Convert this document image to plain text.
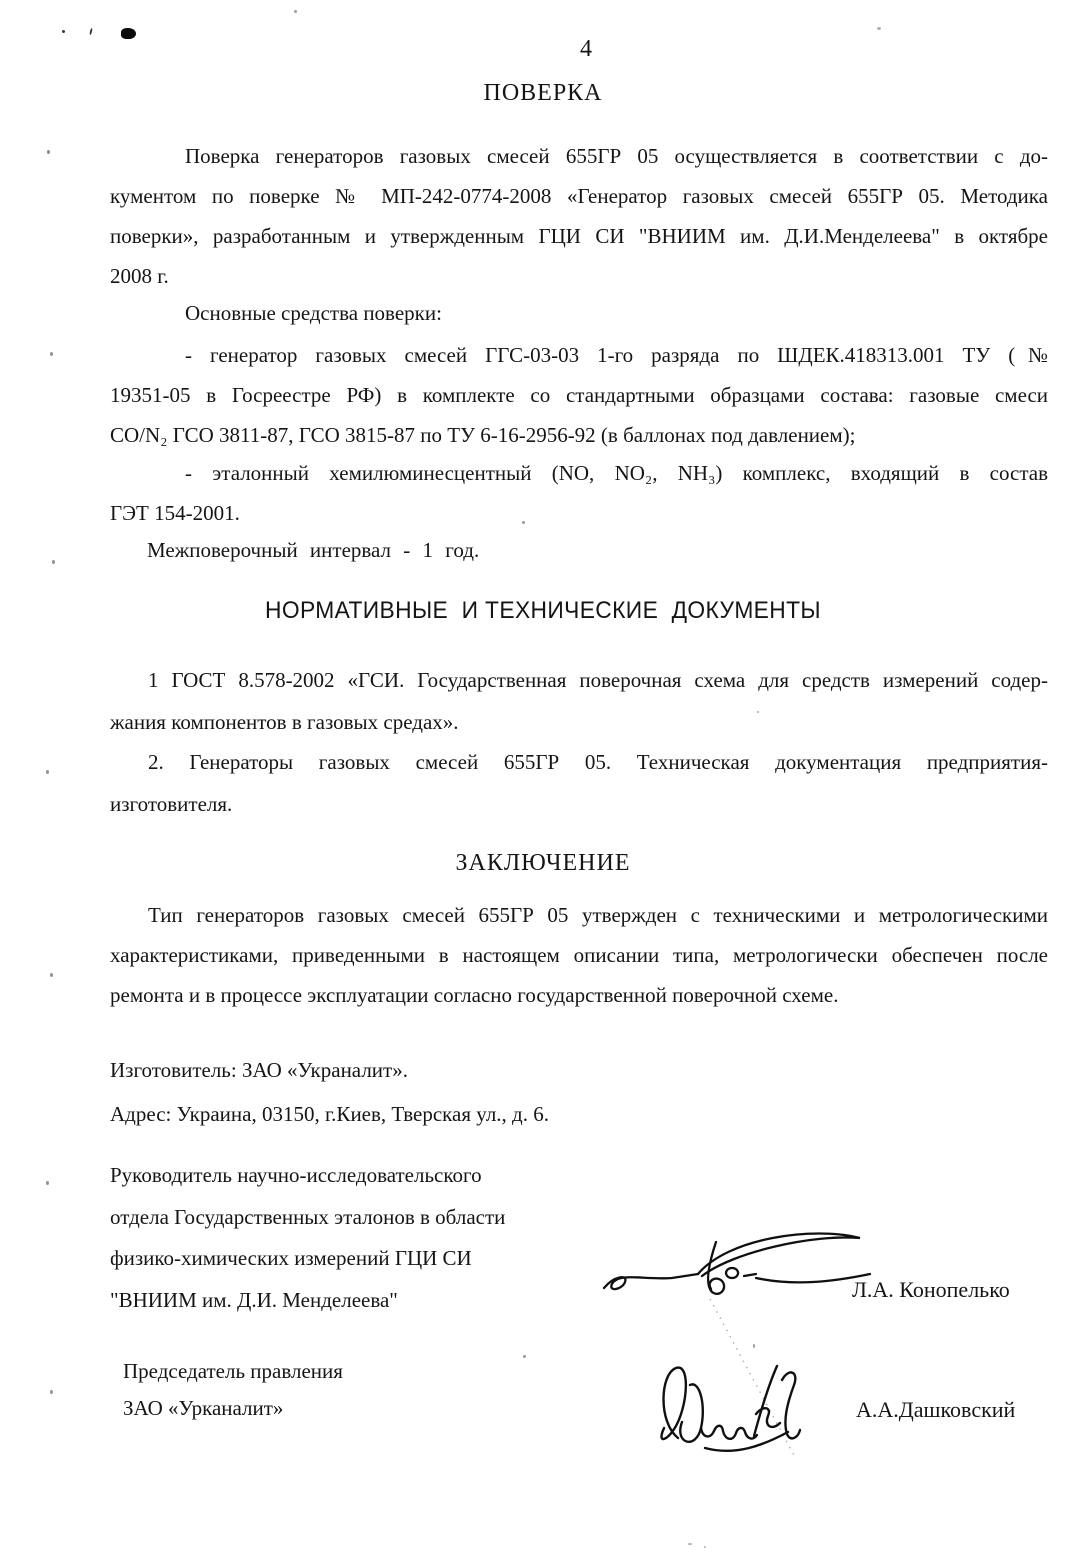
4
ПОВЕРКА
Поверка генераторов газовых смесей 655ГР 05 осуществляется в соответствии с до-
кументом по поверке № МП-242-0774-2008 «Генератор газовых смесей 655ГР 05. Методика
поверки», разработанным и утвержденным ГЦИ СИ "ВНИИМ им. Д.И.Менделеева" в октябре
2008 г.
Основные средства поверки:
- генератор газовых смесей ГГС-03-03 1-го разряда по ШДЕК.418313.001 ТУ (№
19351-05 в Госреестре РФ) в комплекте со стандартными образцами состава: газовые смеси
CO/N₂ ГСО 3811-87, ГСО 3815-87 по ТУ 6-16-2956-92 (в баллонах под давлением);
- эталонный хемилюминесцентный (NO, NO₂, NH₃) комплекс, входящий в состав
ГЭТ 154-2001.
Межповерочный интервал - 1 год.
НОРМАТИВНЫЕ  И ТЕХНИЧЕСКИЕ  ДОКУМЕНТЫ
1 ГОСТ 8.578-2002 «ГСИ. Государственная поверочная схема для средств измерений содер-
жания компонентов в газовых средах».
2. Генераторы газовых смесей 655ГР 05. Техническая документация предприятия-
изготовителя.
ЗАКЛЮЧЕНИЕ
Тип генераторов газовых смесей 655ГР 05 утвержден с техническими и метрологическими
характеристиками, приведенными в настоящем описании типа, метрологически обеспечен после
ремонта и в процессе эксплуатации согласно государственной поверочной схеме.
Изготовитель: ЗАО «Украналит».
Адрес: Украина, 03150, г.Киев, Тверская ул., д. 6.
Руководитель научно-исследовательского
отдела Государственных эталонов в области
физико-химических измерений ГЦИ СИ
"ВНИИМ им. Д.И. Менделеева"	Л.А. Конопелько
Председатель правления
ЗАО «Урканалит»	А.А.Дашковский
